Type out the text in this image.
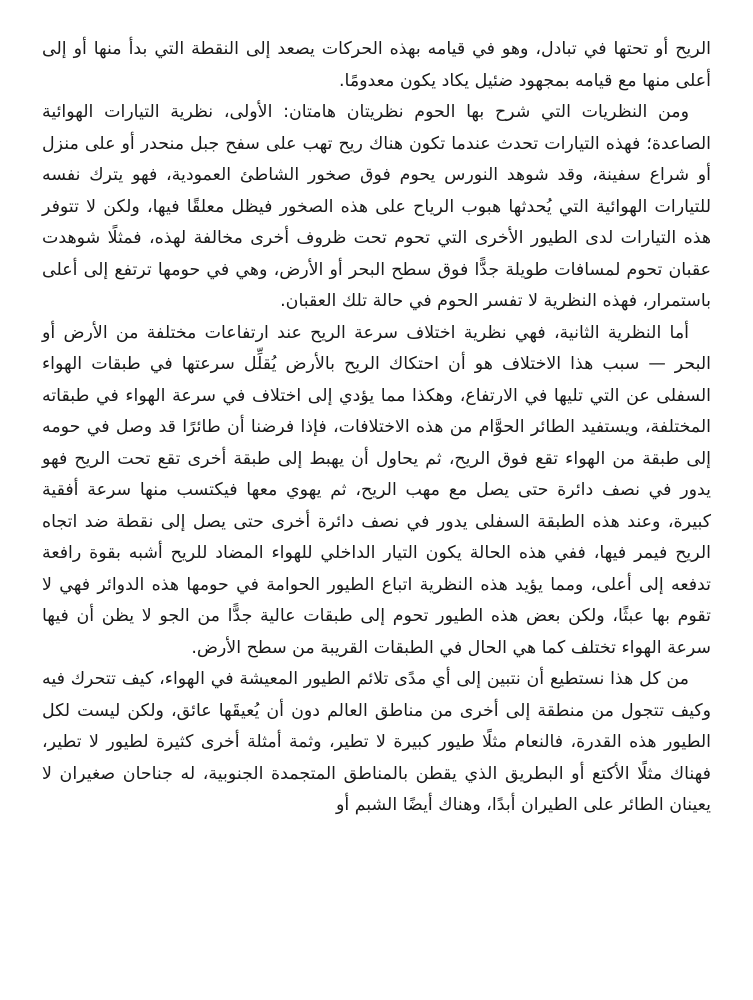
الريح أو تحتها في تبادل، وهو في قيامه بهذه الحركات يصعد إلى النقطة التي بدأ منها أو إلى أعلى منها مع قيامه بمجهود ضئيل يكاد يكون معدومًا.

ومن النظريات التي شرح بها الحوم نظريتان هامتان: الأولى، نظرية التيارات الهوائية الصاعدة؛ فهذه التيارات تحدث عندما تكون هناك ريح تهب على سفح جبل منحدر أو على منزل أو شراع سفينة، وقد شوهد النورس يحوم فوق صخور الشاطئ العمودية، فهو يترك نفسه للتيارات الهوائية التي يُحدثها هبوب الرياح على هذه الصخور فيظل معلقًا فيها، ولكن لا تتوفر هذه التيارات لدى الطيور الأخرى التي تحوم تحت ظروف أخرى مخالفة لهذه، فمثلًا شوهدت عقبان تحوم لمسافات طويلة جدًّا فوق سطح البحر أو الأرض، وهي في حومها ترتفع إلى أعلى باستمرار، فهذه النظرية لا تفسر الحوم في حالة تلك العقبان.

أما النظرية الثانية، فهي نظرية اختلاف سرعة الريح عند ارتفاعات مختلفة من الأرض أو البحر — سبب هذا الاختلاف هو أن احتكاك الريح بالأرض يُقلِّل سرعتها في طبقات الهواء السفلى عن التي تليها في الارتفاع، وهكذا مما يؤدي إلى اختلاف في سرعة الهواء في طبقاته المختلفة، ويستفيد الطائر الحوَّام من هذه الاختلافات، فإذا فرضنا أن طائرًا قد وصل في حومه إلى طبقة من الهواء تقع فوق الريح، ثم يحاول أن يهبط إلى طبقة أخرى تقع تحت الريح فهو يدور في نصف دائرة حتى يصل مع مهب الريح، ثم يهوي معها فيكتسب منها سرعة أفقية كبيرة، وعند هذه الطبقة السفلى يدور في نصف دائرة أخرى حتى يصل إلى نقطة ضد اتجاه الريح فيمر فيها، ففي هذه الحالة يكون التيار الداخلي للهواء المضاد للريح أشبه بقوة رافعة تدفعه إلى أعلى، ومما يؤيد هذه النظرية اتباع الطيور الحوامة في حومها هذه الدوائر فهي لا تقوم بها عبثًا، ولكن بعض هذه الطيور تحوم إلى طبقات عالية جدًّا من الجو لا يظن أن فيها سرعة الهواء تختلف كما هي الحال في الطبقات القريبة من سطح الأرض.

من كل هذا نستطيع أن نتبين إلى أي مدًى تلائم الطيور المعيشة في الهواء، كيف تتحرك فيه وكيف تتجول من منطقة إلى أخرى من مناطق العالم دون أن يُعيقَها عائق، ولكن ليست لكل الطيور هذه القدرة، فالنعام مثلًا طيور كبيرة لا تطير، وثمة أمثلة أخرى كثيرة لطيور لا تطير، فهناك مثلًا الأكتع أو البطريق الذي يقطن بالمناطق المتجمدة الجنوبية، له جناحان صغيران لا يعينان الطائر على الطيران أبدًا، وهناك أيضًا الشبم أو
